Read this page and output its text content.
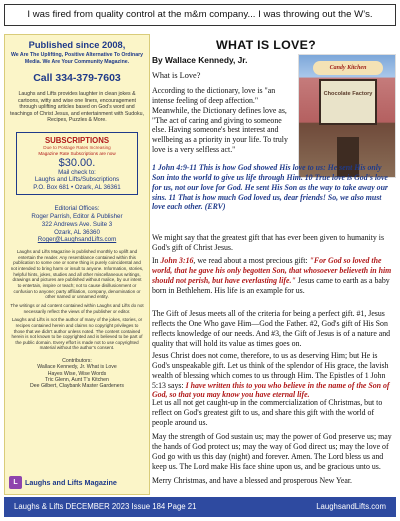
I was fired from quality control at the m&m company... I was throwing out the W’s.
Published since 2008,
We Are The Uplifting, Positive Alternative To Ordinary Media. We Are Your Community Magazine.
Call 334-379-7603
Laughs and Lifts provides laughter in clean jokes & cartoons, witty and wise one liners, encouragement through uplifting articles based on God’s word and teachings of Christ Jesus, and entertainment with Sudoku, Recipes, Puzzles & More.
SUBSCRIPTIONS
Due to Postage Rates Increasing
Magazine Rate Subscriptions are now
$30.00.
Mail check to:
Laughs and Lifts/Subscriptions
P.O. Box 681 • Ozark, AL 36361
Editorial Offices:
Roger Parrish, Editor & Publisher
322 Andrews Ave. Suite 3
Ozark, AL 36360
Roger@LaughsandLifts.com

Laughs and Lifts Magazine is published monthly to uplift and entertain the reader. Any resemblance contained within this publication to some one or some thing is purely coincidental and not intended to bring harm or insult to anyone. Information, stories, helpful hints, jokes, studies and all other miscellaneous writings, drawings and pictures are published without malice, by our intent to entertain, inspire or teach; not to cause disillusionment or confusion to anyone; party affiliation, company, denomination or other named or unnamed entity.

The writings or ad content contained within Laughs and Lifts do not necessarily reflect the views of the publisher or editor.

Laughs and Lifts is not the author of many of the jokes, stories, or recipes contained herein and claims no copyright privileges to those that we didn’t author unless noted. The content contained herein is not known to be copyrighted and is believed to be part of the public domain. Every effort is made not to use copyrighted material without the author’s consent.

Contributors:
Wallace Kennedy, Jr. What is Love
Hayes Wise, Wise Words
Tric Glenn, Aunt T’s Kitchen
Dee Gilbert, Claybank Master Gardeners
L	Laughs and Lifts Magazine
WHAT IS LOVE?
By Wallace Kennedy, Jr.
Candy Kitchen
Chocolate Factory
What is Love?

According to the dictionary, love is "an intense feeling of deep affection." Meanwhile, the Dictionary defines love as, "The act of caring and giving to someone else. Having someone's best interest and wellbeing as a priority in your life. To truly love is a very selfless act."

1 John 4:9-11 This is how God showed His love to us: He sent His only Son into the world to give us life through Him. 10 True love is God's love for us, not our love for God. He sent His Son as the way to take away our sins. 11 That is how much God loved us, dear friends! So, we also must love each other. (ERV)

We might say that the greatest gift that has ever been given to humanity is God's gift of Christ Jesus.

In John 3:16, we read about a most precious gift: "For God so loved the world, that he gave his only begotten Son, that whosoever believeth in him should not perish, but have everlasting life." Jesus came to earth as a baby born in Bethlehem. His life is an example for us.

The Gift of Jesus meets all of the criteria for being a perfect gift. #1, Jesus reflects the One Who gave Him—God the Father. #2, God's gift of His Son reflects knowledge of our needs. And #3, the Gift of Jesus is of a nature and quality that will hold its value as times goes on.

Jesus Christ does not come, therefore, to us as deserving Him; but He is God's unspeakable gift. Let us think of the splendor of His grace, the lavish wealth of blessing which comes to us through Him. The Epistles of 1 John 5:13 says: I have written this to you who believe in the name of the Son of God, so that you may know you have eternal life.

Let us all not get caught-up in the commercialization of Christmas, but to reflect on God's greatest gift to us, and share this gift with the world of people around us.

May the strength of God sustain us; may the power of God preserve us; may the hands of God protect us; may the way of God direct us; may the love of God go with us this day (night) and forever. Amen. The Lord bless us and keep us. The Lord make His face shine upon us, and be gracious unto us.

Merry Christmas, and have a blessed and prosperous New Year.

Laughs & Lifts DECEMBER 2023 Issue 184 Page 21	LaughsandLifts.com
